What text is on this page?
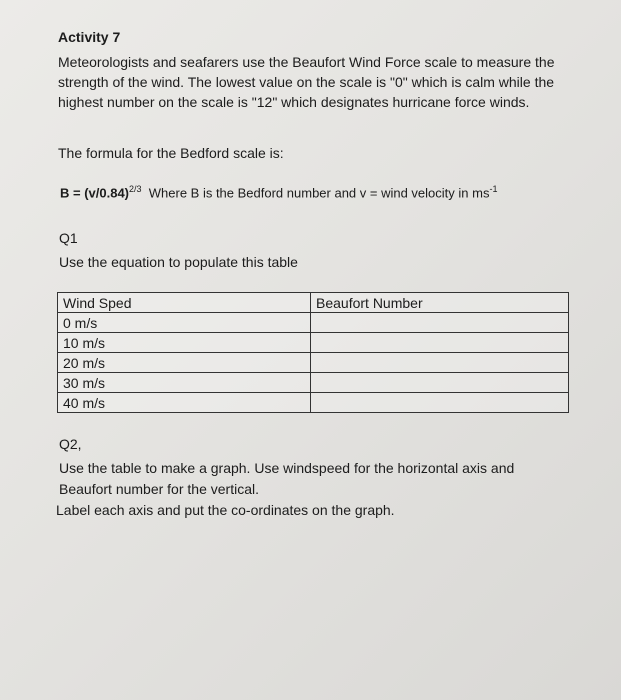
Activity 7
Meteorologists and seafarers use the Beaufort Wind Force scale to measure the strength of the wind. The lowest value on the scale is "0" which is calm while the highest number on the scale is "12" which designates hurricane force winds.
The formula for the Bedford scale is:
$B = (v/0.84)^{2/3}$ Where B is the Bedford number and v = wind velocity in $ms^{-1}$
Q1
Use the equation to populate this table
Wind Sped	Beaufort Number
0 m/s	
10 m/s	
20 m/s	
30 m/s	
40 m/s	
Q2,
Use the table to make a graph. Use windspeed for the horizontal axis and Beaufort number for the vertical.
Label each axis and put the co-ordinates on the graph.
